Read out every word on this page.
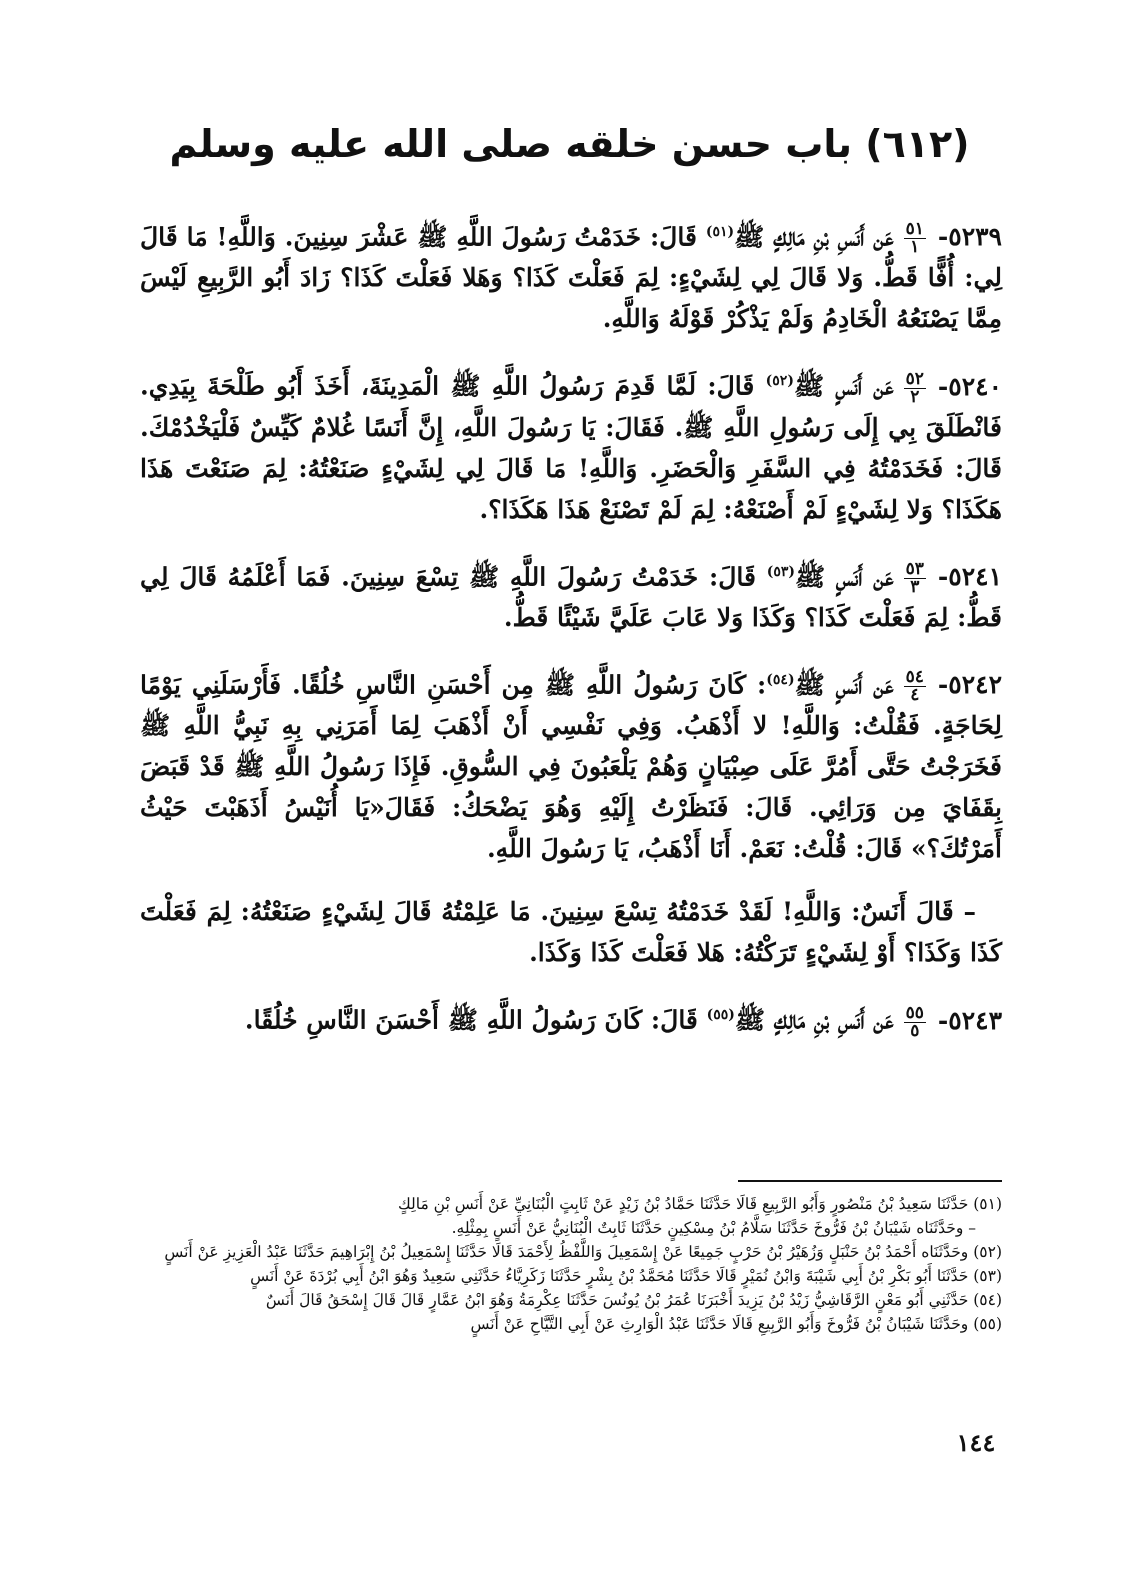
(٦١٢) باب حسن خلقه صلى الله عليه وسلم

٥٢٣٩-
٥١
١
عَن أَنَسِ بْنِ مَالِكٍ ﷺ$^{(٥١)}$ قَالَ: خَدَمْتُ رَسُولَ اللَّهِ ﷺ عَشْرَ سِنِينَ. وَاللَّهِ! مَا قَالَ لِي: أُفًّا قَطُّ. وَلا قَالَ لِي لِشَيْءٍ: لِمَ فَعَلْتَ كَذَا؟ وَهَلا فَعَلْتَ كَذَا؟ زَادَ أَبُو الرَّبِيعِ لَيْسَ مِمَّا يَصْنَعُهُ الْخَادِمُ وَلَمْ يَذْكُرْ قَوْلَهُ وَاللَّهِ.

٥٢٤٠-
٥٢
٢
عَن أَنَسٍ ﷺ$^{(٥٢)}$ قَالَ: لَمَّا قَدِمَ رَسُولُ اللَّهِ ﷺ الْمَدِينَةَ، أَخَذَ أَبُو طَلْحَةَ بِيَدِي. فَانْطَلَقَ بِي إِلَى رَسُولِ اللَّهِ ﷺ. فَقَالَ: يَا رَسُولَ اللَّهِ، إِنَّ أَنَسًا غُلامٌ كَيِّسٌ فَلْيَخْدُمْكَ. قَالَ: فَخَدَمْتُهُ فِي السَّفَرِ وَالْحَضَرِ. وَاللَّهِ! مَا قَالَ لِي لِشَيْءٍ صَنَعْتُهُ: لِمَ صَنَعْتَ هَذَا هَكَذَا؟ وَلا لِشَيْءٍ لَمْ أَصْنَعْهُ: لِمَ لَمْ تَصْنَعْ هَذَا هَكَذَا؟.

٥٢٤١-
٥٣
٣
عَن أَنَسٍ ﷺ$^{(٥٣)}$ قَالَ: خَدَمْتُ رَسُولَ اللَّهِ ﷺ تِسْعَ سِنِينَ. فَمَا أَعْلَمُهُ قَالَ لِي قَطُّ: لِمَ فَعَلْتَ كَذَا؟ وَكَذَا وَلا عَابَ عَلَيَّ شَيْئًا قَطُّ.

٥٢٤٢-
٥٤
٤
عَن أَنَسٍ ﷺ$^{(٥٤)}$: كَانَ رَسُولُ اللَّهِ ﷺ مِن أَحْسَنِ النَّاسِ خُلُقًا. فَأَرْسَلَنِي يَوْمًا لِحَاجَةٍ. فَقُلْتُ: وَاللَّهِ! لا أَذْهَبُ. وَفِي نَفْسِي أَنْ أَذْهَبَ لِمَا أَمَرَنِي بِهِ نَبِيُّ اللَّهِ ﷺ فَخَرَجْتُ حَتَّى أَمُرَّ عَلَى صِبْيَانٍ وَهُمْ يَلْعَبُونَ فِي السُّوقِ. فَإِذَا رَسُولُ اللَّهِ ﷺ قَدْ قَبَضَ بِقَفَايَ مِن وَرَائِي. قَالَ: فَنَظَرْتُ إِلَيْهِ وَهُوَ يَضْحَكُ: فَقَالَ«يَا أُنَيْسُ أَذَهَبْتَ حَيْثُ أَمَرْتُكَ؟» قَالَ: قُلْتُ: نَعَمْ. أَنَا أَذْهَبُ، يَا رَسُولَ اللَّهِ.

– قَالَ أَنَسٌ: وَاللَّهِ! لَقَدْ خَدَمْتُهُ تِسْعَ سِنِينَ. مَا عَلِمْتُهُ قَالَ لِشَيْءٍ صَنَعْتُهُ: لِمَ فَعَلْتَ كَذَا وَكَذَا؟ أَوْ لِشَيْءٍ تَرَكْتُهُ: هَلا فَعَلْتَ كَذَا وَكَذَا.

٥٢٤٣-
٥٥
٥
عَن أَنَسِ بْنِ مَالِكٍ ﷺ$^{(٥٥)}$ قَالَ: كَانَ رَسُولُ اللَّهِ ﷺ أَحْسَنَ النَّاسِ خُلُقًا.

(٥١) حَدَّثَنَا سَعِيدُ بْنُ مَنْصُورٍ وَأَبُو الرَّبِيعِ قَالَا حَدَّثَنَا حَمَّادُ بْنُ زَيْدٍ عَنْ ثَابِتٍ الْبُنَانِيِّ عَنْ أَنَسِ بْنِ مَالِكٍ

– وحَدَّثَنَاه شَيْبَانُ بْنُ فَرُّوخَ حَدَّثَنَا سَلَّامُ بْنُ مِسْكِينٍ حَدَّثَنَا ثَابِتٌ الْبُنَانِيُّ عَنْ أَنَسٍ بِمِثْلِهِ.

(٥٢) وحَدَّثَنَاه أَحْمَدُ بْنُ حَنْبَلٍ وَزُهَيْرُ بْنُ حَرْبٍ جَمِيعًا عَنْ إِسْمَعِيلَ وَاللَّفْظُ لِأَحْمَدَ قَالَا حَدَّثَنَا إِسْمَعِيلُ بْنُ إِبْرَاهِيمَ حَدَّثَنَا عَبْدُ الْعَزِيزِ عَنْ أَنَسٍ

(٥٣) حَدَّثَنَا أَبُو بَكْرِ بْنُ أَبِي شَيْبَةَ وَابْنُ نُمَيْرٍ قَالَا حَدَّثَنَا مُحَمَّدُ بْنُ بِشْرٍ حَدَّثَنَا زَكَرِيَّاءُ حَدَّثَنِي سَعِيدٌ وَهُوَ ابْنُ أَبِي بُرْدَةَ عَنْ أَنَسٍ

(٥٤) حَدَّثَنِي أَبُو مَعْنٍ الرَّقَاشِيُّ زَيْدُ بْنُ يَزِيدَ أَخْبَرَنَا عُمَرُ بْنُ يُونُسَ حَدَّثَنَا عِكْرِمَةُ وَهُوَ ابْنُ عَمَّارٍ قَالَ قَالَ إِسْحَقُ قَالَ أَنَسٌ

(٥٥) وحَدَّثَنَا شَيْبَانُ بْنُ فَرُّوخَ وَأَبُو الرَّبِيعِ قَالَا حَدَّثَنَا عَبْدُ الْوَارِثِ عَنْ أَبِي التَّيَّاحِ عَنْ أَنَسٍ

١٤٤
